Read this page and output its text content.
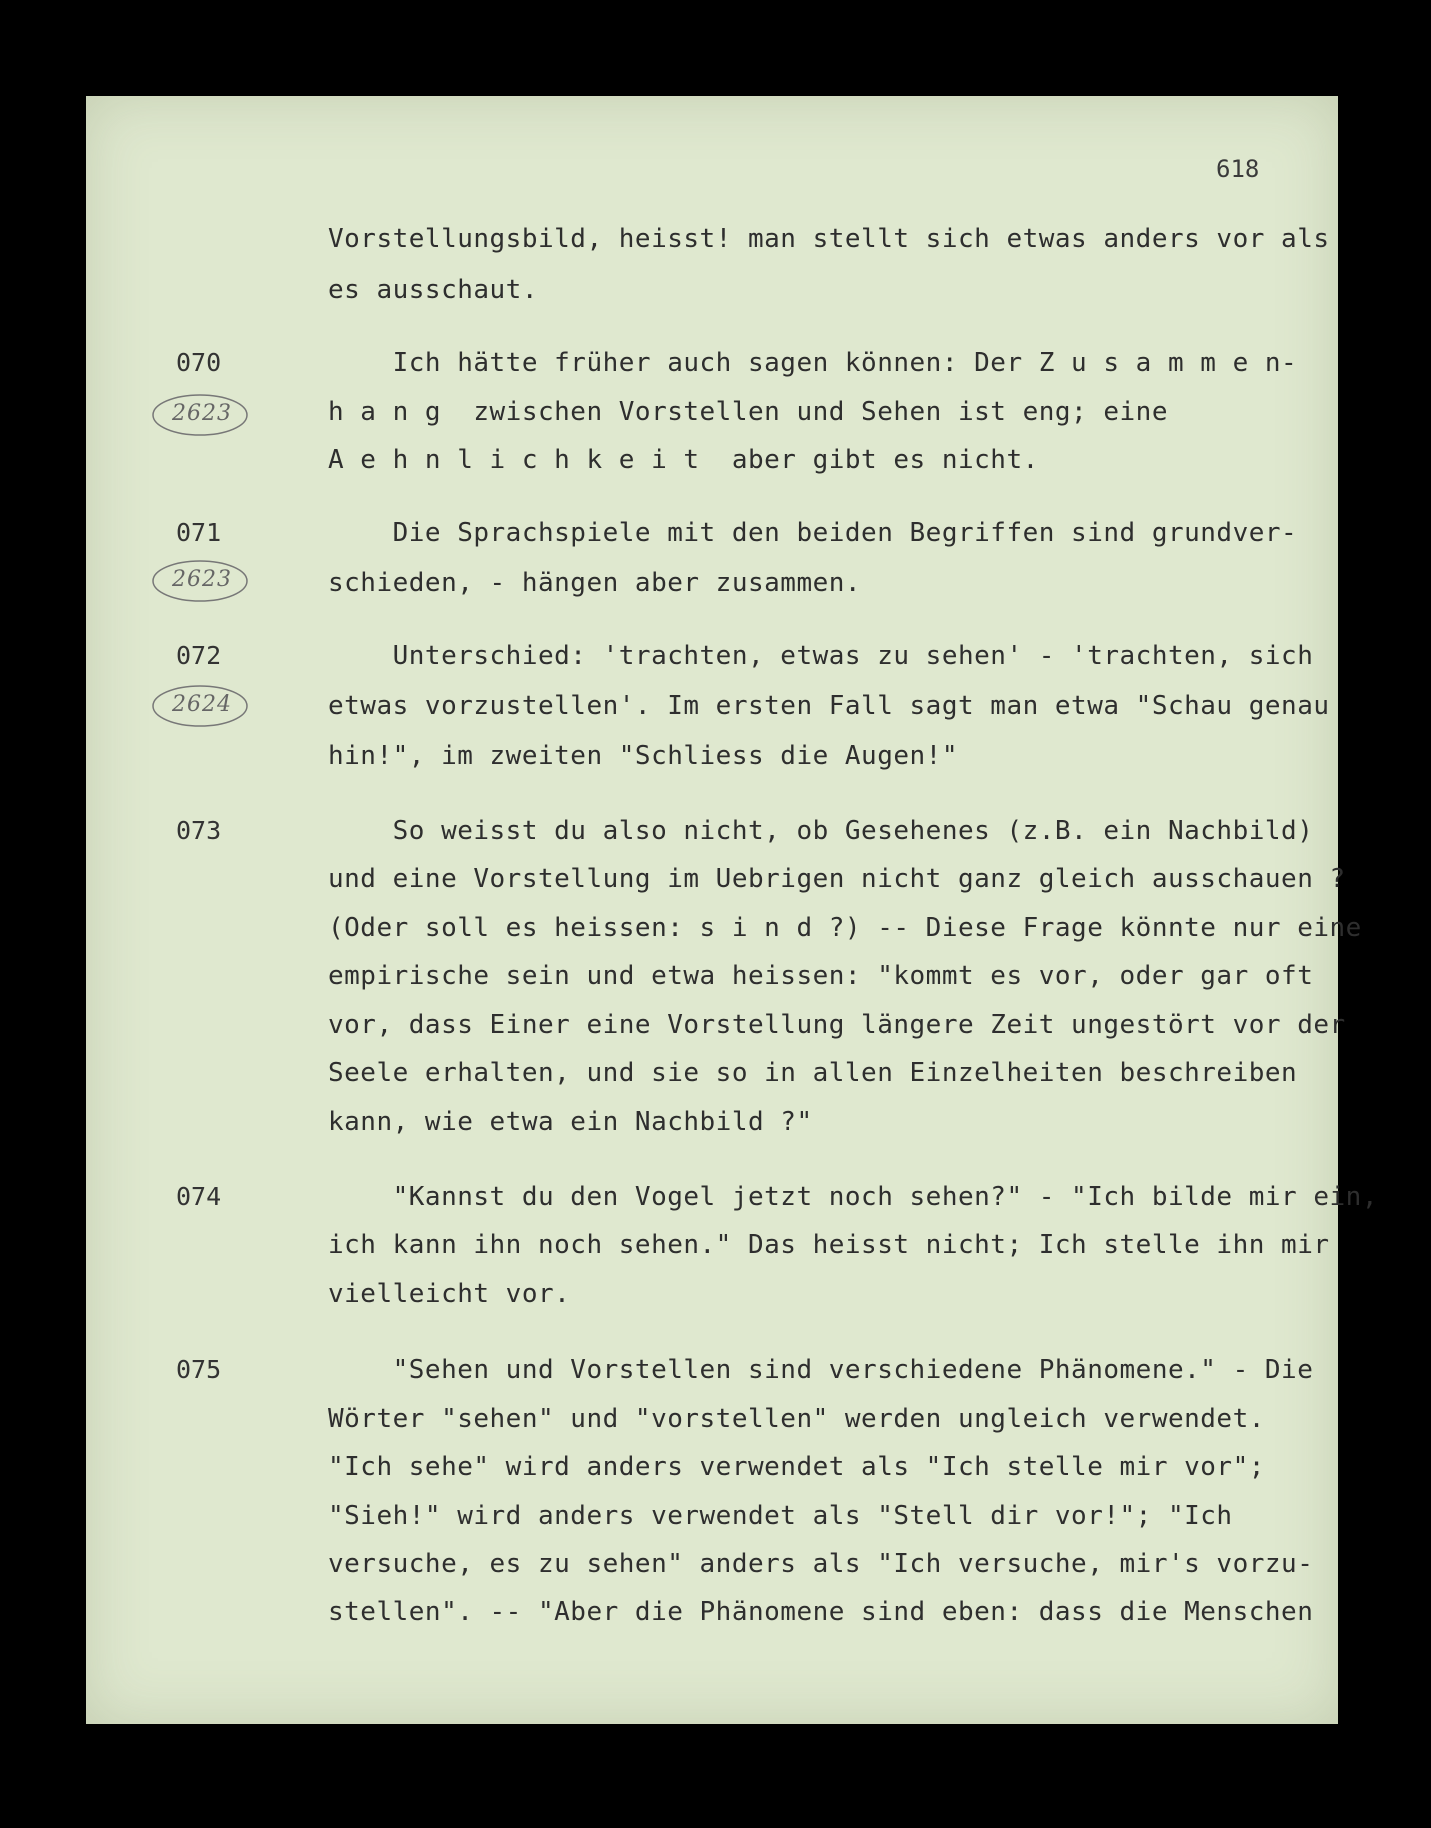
618
Vorstellungsbild, heisst! man stellt sich etwas anders vor als
es ausschaut.
070
2623
Ich hätte früher auch sagen können: Der Z u s a m m e n-
h a n g  zwischen Vorstellen und Sehen ist eng; eine
A e h n l i c h k e i t  aber gibt es nicht.
071
2623
Die Sprachspiele mit den beiden Begriffen sind grundver-
schieden, - hängen aber zusammen.
072
2624
Unterschied: 'trachten, etwas zu sehen' - 'trachten, sich
etwas vorzustellen'. Im ersten Fall sagt man etwa "Schau genau
hin!", im zweiten "Schliess die Augen!"
073	So weisst du also nicht, ob Gesehenes (z.B. ein Nachbild)
und eine Vorstellung im Uebrigen nicht ganz gleich ausschauen ?
(Oder soll es heissen: s i n d ?) -- Diese Frage könnte nur eine
empirische sein und etwa heissen: "kommt es vor, oder gar oft
vor, dass Einer eine Vorstellung längere Zeit ungestört vor der
Seele erhalten, und sie so in allen Einzelheiten beschreiben
kann, wie etwa ein Nachbild ?"
074	"Kannst du den Vogel jetzt noch sehen?" - "Ich bilde mir ein,
ich kann ihn noch sehen." Das heisst nicht; Ich stelle ihn mir
vielleicht vor.
075	"Sehen und Vorstellen sind verschiedene Phänomene." - Die
Wörter "sehen" und "vorstellen" werden ungleich verwendet.
"Ich sehe" wird anders verwendet als "Ich stelle mir vor";
"Sieh!" wird anders verwendet als "Stell dir vor!"; "Ich
versuche, es zu sehen" anders als "Ich versuche, mir's vorzu-
stellen". -- "Aber die Phänomene sind eben: dass die Menschen
